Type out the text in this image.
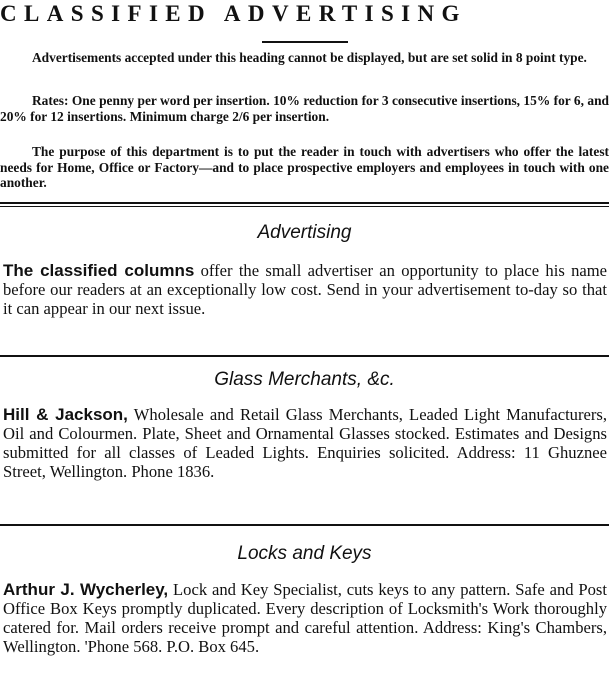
CLASSIFIED ADVERTISING

Advertisements accepted under this heading cannot be displayed, but are set solid in 8 point type.

Rates: One penny per word per insertion. 10% reduction for 3 consecutive insertions, 15% for 6, and 20% for 12 insertions. Minimum charge 2/6 per insertion.

The purpose of this department is to put the reader in touch with advertisers who offer the latest needs for Home, Office or Factory—and to place prospective employers and employees in touch with one another.

Advertising

The classified columns offer the small advertiser an opportunity to place his name before our readers at an exceptionally low cost. Send in your advertisement to-day so that it can appear in our next issue.

Glass Merchants, &c.

Hill & Jackson, Wholesale and Retail Glass Merchants, Leaded Light Manufacturers, Oil and Colourmen. Plate, Sheet and Ornamental Glasses stocked. Estimates and Designs submitted for all classes of Leaded Lights. Enquiries solicited. Address: 11 Ghuznee Street, Wellington. Phone 1836.

Locks and Keys

Arthur J. Wycherley, Lock and Key Specialist, cuts keys to any pattern. Safe and Post Office Box Keys promptly duplicated. Every description of Locksmith's Work thoroughly catered for. Mail orders receive prompt and careful attention. Address: King's Chambers, Wellington. 'Phone 568. P.O. Box 645.
